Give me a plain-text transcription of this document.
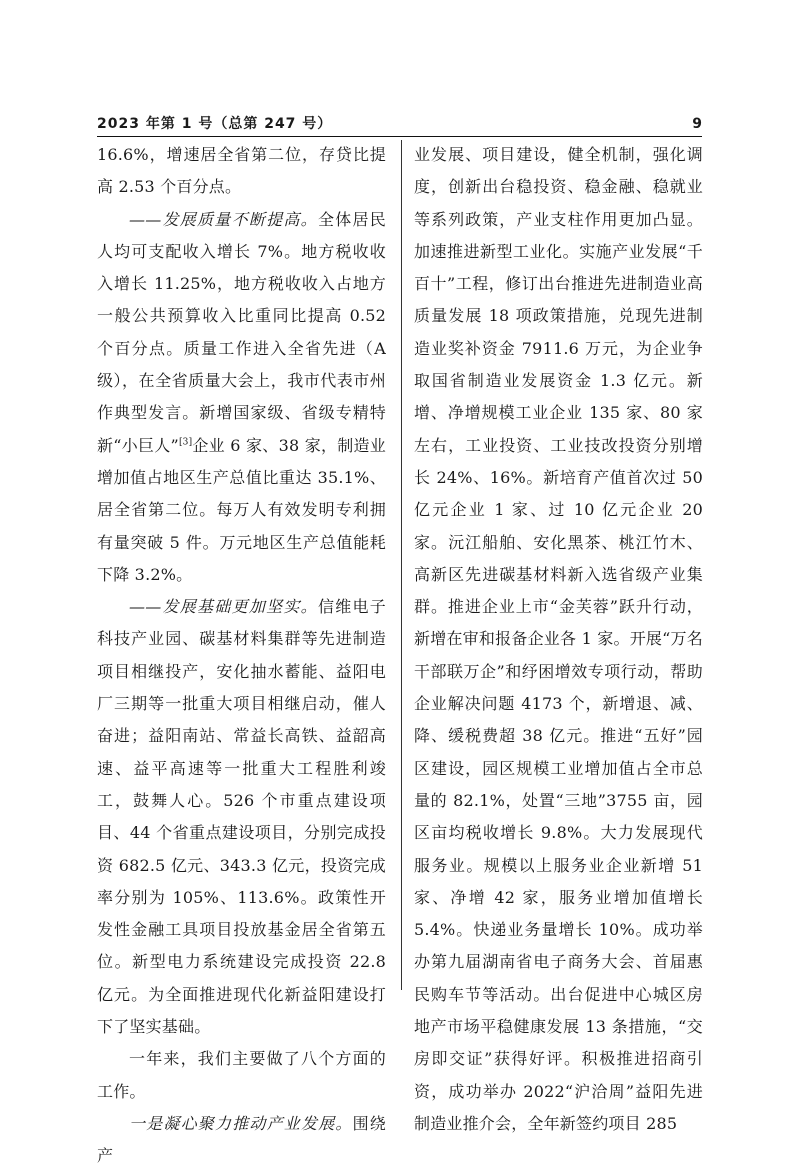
2023 年第 1 号（总第 247 号）	9

16.6%，增速居全省第二位，存贷比提高 2.53 个百分点。

——发展质量不断提高。全体居民人均可支配收入增长 7%。地方税收收入增长 11.25%，地方税收收入占地方一般公共预算收入比重同比提高 0.52 个百分点。质量工作进入全省先进（A 级），在全省质量大会上，我市代表市州作典型发言。新增国家级、省级专精特新“小巨人”[3]企业 6 家、38 家，制造业增加值占地区生产总值比重达 35.1%、居全省第二位。每万人有效发明专利拥有量突破 5 件。万元地区生产总值能耗下降 3.2%。

——发展基础更加坚实。信维电子科技产业园、碳基材料集群等先进制造项目相继投产，安化抽水蓄能、益阳电厂三期等一批重大项目相继启动，催人奋进；益阳南站、常益长高铁、益韶高速、益平高速等一批重大工程胜利竣工，鼓舞人心。526 个市重点建设项目、44 个省重点建设项目，分别完成投资 682.5 亿元、343.3 亿元，投资完成率分别为 105%、113.6%。政策性开发性金融工具项目投放基金居全省第五位。新型电力系统建设完成投资 22.8 亿元。为全面推进现代化新益阳建设打下了坚实基础。

一年来，我们主要做了八个方面的工作。

一是凝心聚力推动产业发展。围绕产

业发展、项目建设，健全机制，强化调度，创新出台稳投资、稳金融、稳就业等系列政策，产业支柱作用更加凸显。加速推进新型工业化。实施产业发展“千百十”工程，修订出台推进先进制造业高质量发展 18 项政策措施，兑现先进制造业奖补资金 7911.6 万元，为企业争取国省制造业发展资金 1.3 亿元。新增、净增规模工业企业 135 家、80 家左右，工业投资、工业技改投资分别增长 24%、16%。新培育产值首次过 50 亿元企业 1 家、过 10 亿元企业 20 家。沅江船舶、安化黑茶、桃江竹木、高新区先进碳基材料新入选省级产业集群。推进企业上市“金芙蓉”跃升行动，新增在审和报备企业各 1 家。开展“万名干部联万企”和纾困增效专项行动，帮助企业解决问题 4173 个，新增退、减、降、缓税费超 38 亿元。推进“五好”园区建设，园区规模工业增加值占全市总量的 82.1%，处置“三地”3755 亩，园区亩均税收增长 9.8%。大力发展现代服务业。规模以上服务业企业新增 51 家、净增 42 家，服务业增加值增长 5.4%。快递业务量增长 10%。成功举办第九届湖南省电子商务大会、首届惠民购车节等活动。出台促进中心城区房地产市场平稳健康发展 13 条措施，“交房即交证”获得好评。积极推进招商引资，成功举办 2022“沪洽周”益阳先进制造业推介会，全年新签约项目 285
